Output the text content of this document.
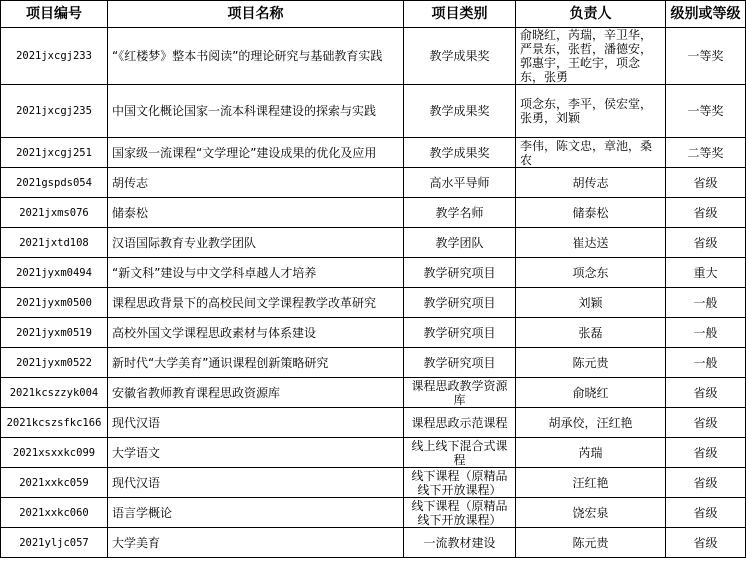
项目编号	项目名称	项目类别	负责人	级别或等级
2021jxcgj233	“《红楼梦》整本书阅读”的理论研究与基础教育实践	教学成果奖	俞晓红，芮瑞，辛卫华，严景东，张哲，潘德安，郭惠宇，王屹宇，项念东，张勇	一等奖
2021jxcgj235	中国文化概论国家一流本科课程建设的探索与实践	教学成果奖	项念东，李平，侯宏堂，张勇，刘颖	一等奖
2021jxcgj251	国家级一流课程“文学理论”建设成果的优化及应用	教学成果奖	李伟，陈文忠，章池，桑农	二等奖
2021gspds054	胡传志	高水平导师	胡传志	省级
2021jxms076	储泰松	教学名师	储泰松	省级
2021jxtd108	汉语国际教育专业教学团队	教学团队	崔达送	省级
2021jyxm0494	“新文科”建设与中文学科卓越人才培养	教学研究项目	项念东	重大
2021jyxm0500	课程思政背景下的高校民间文学课程教学改革研究	教学研究项目	刘颖	一般
2021jyxm0519	高校外国文学课程思政素材与体系建设	教学研究项目	张磊	一般
2021jyxm0522	新时代“大学美育”通识课程创新策略研究	教学研究项目	陈元贵	一般
2021kcszzyk004	安徽省教师教育课程思政资源库	课程思政教学资源库	俞晓红	省级
2021kcszsfkc166	现代汉语	课程思政示范课程	胡承佼，汪红艳	省级
2021xsxxkc099	大学语文	线上线下混合式课程	芮瑞	省级
2021xxkc059	现代汉语	线下课程（原精品线下开放课程）	汪红艳	省级
2021xxkc060	语言学概论	线下课程（原精品线下开放课程）	饶宏泉	省级
2021yljc057	大学美育	一流教材建设	陈元贵	省级
